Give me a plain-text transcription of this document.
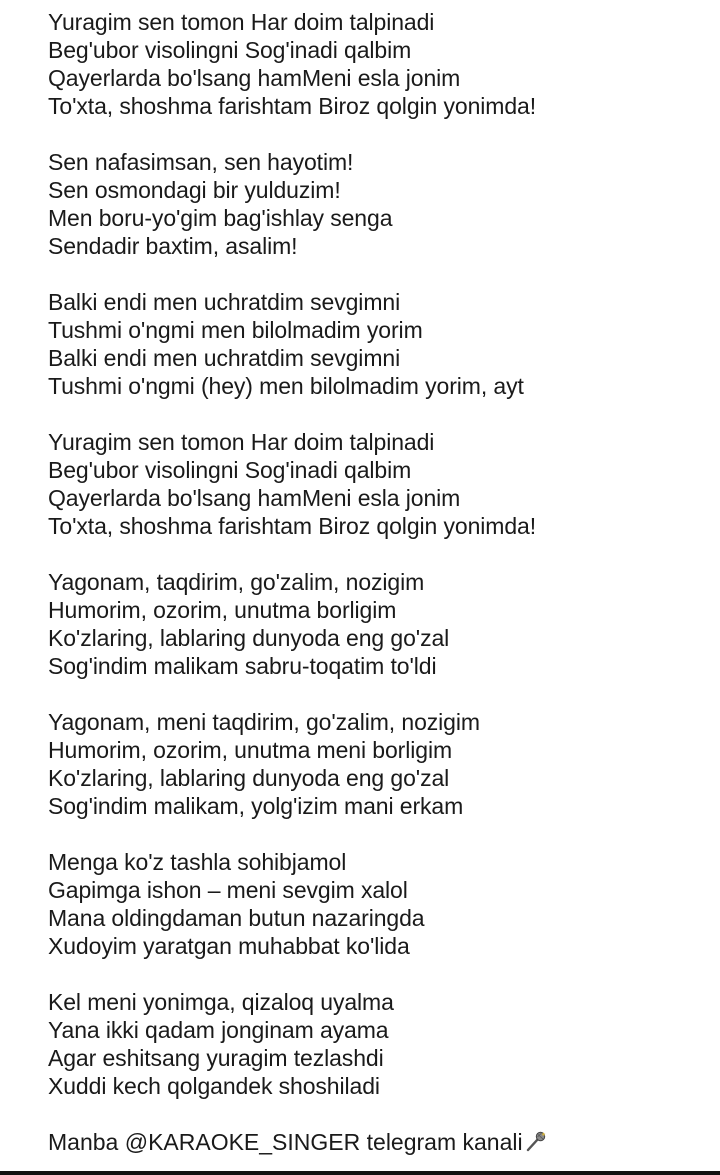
Yuragim sen tomon Har doim talpinadi
Beg'ubor visolingni Sog'inadi qalbim
Qayerlarda bo'lsang hamMeni esla jonim
To'xta, shoshma farishtam Biroz qolgin yonimda!
Sen nafasimsan, sen hayotim!
Sen osmondagi bir yulduzim!
Men boru-yo'gim bag'ishlay senga
Sendadir baxtim, asalim!
Balki endi men uchratdim sevgimni
Tushmi o'ngmi men bilolmadim yorim
Balki endi men uchratdim sevgimni
Tushmi o'ngmi (hey) men bilolmadim yorim, ayt
Yuragim sen tomon Har doim talpinadi
Beg'ubor visolingni Sog'inadi qalbim
Qayerlarda bo'lsang hamMeni esla jonim
To'xta, shoshma farishtam Biroz qolgin yonimda!
Yagonam, taqdirim, go'zalim, nozigim
Humorim, ozorim, unutma borligim
Ko'zlaring, lablaring dunyoda eng go'zal
Sog'indim malikam sabru-toqatim to'ldi
Yagonam, meni taqdirim, go'zalim, nozigim
Humorim, ozorim, unutma meni borligim
Ko'zlaring, lablaring dunyoda eng go'zal
Sog'indim malikam, yolg'izim mani erkam
Menga ko'z tashla sohibjamol
Gapimga ishon – meni sevgim xalol
Mana oldingdaman butun nazaringda
Xudoyim yaratgan muhabbat ko'lida
Kel meni yonimga, qizaloq uyalma
Yana ikki qadam jonginam ayama
Agar eshitsang yuragim tezlashdi
Xuddi kech qolgandek shoshiladi
Manba @KARAOKE_SINGER telegram kanali
